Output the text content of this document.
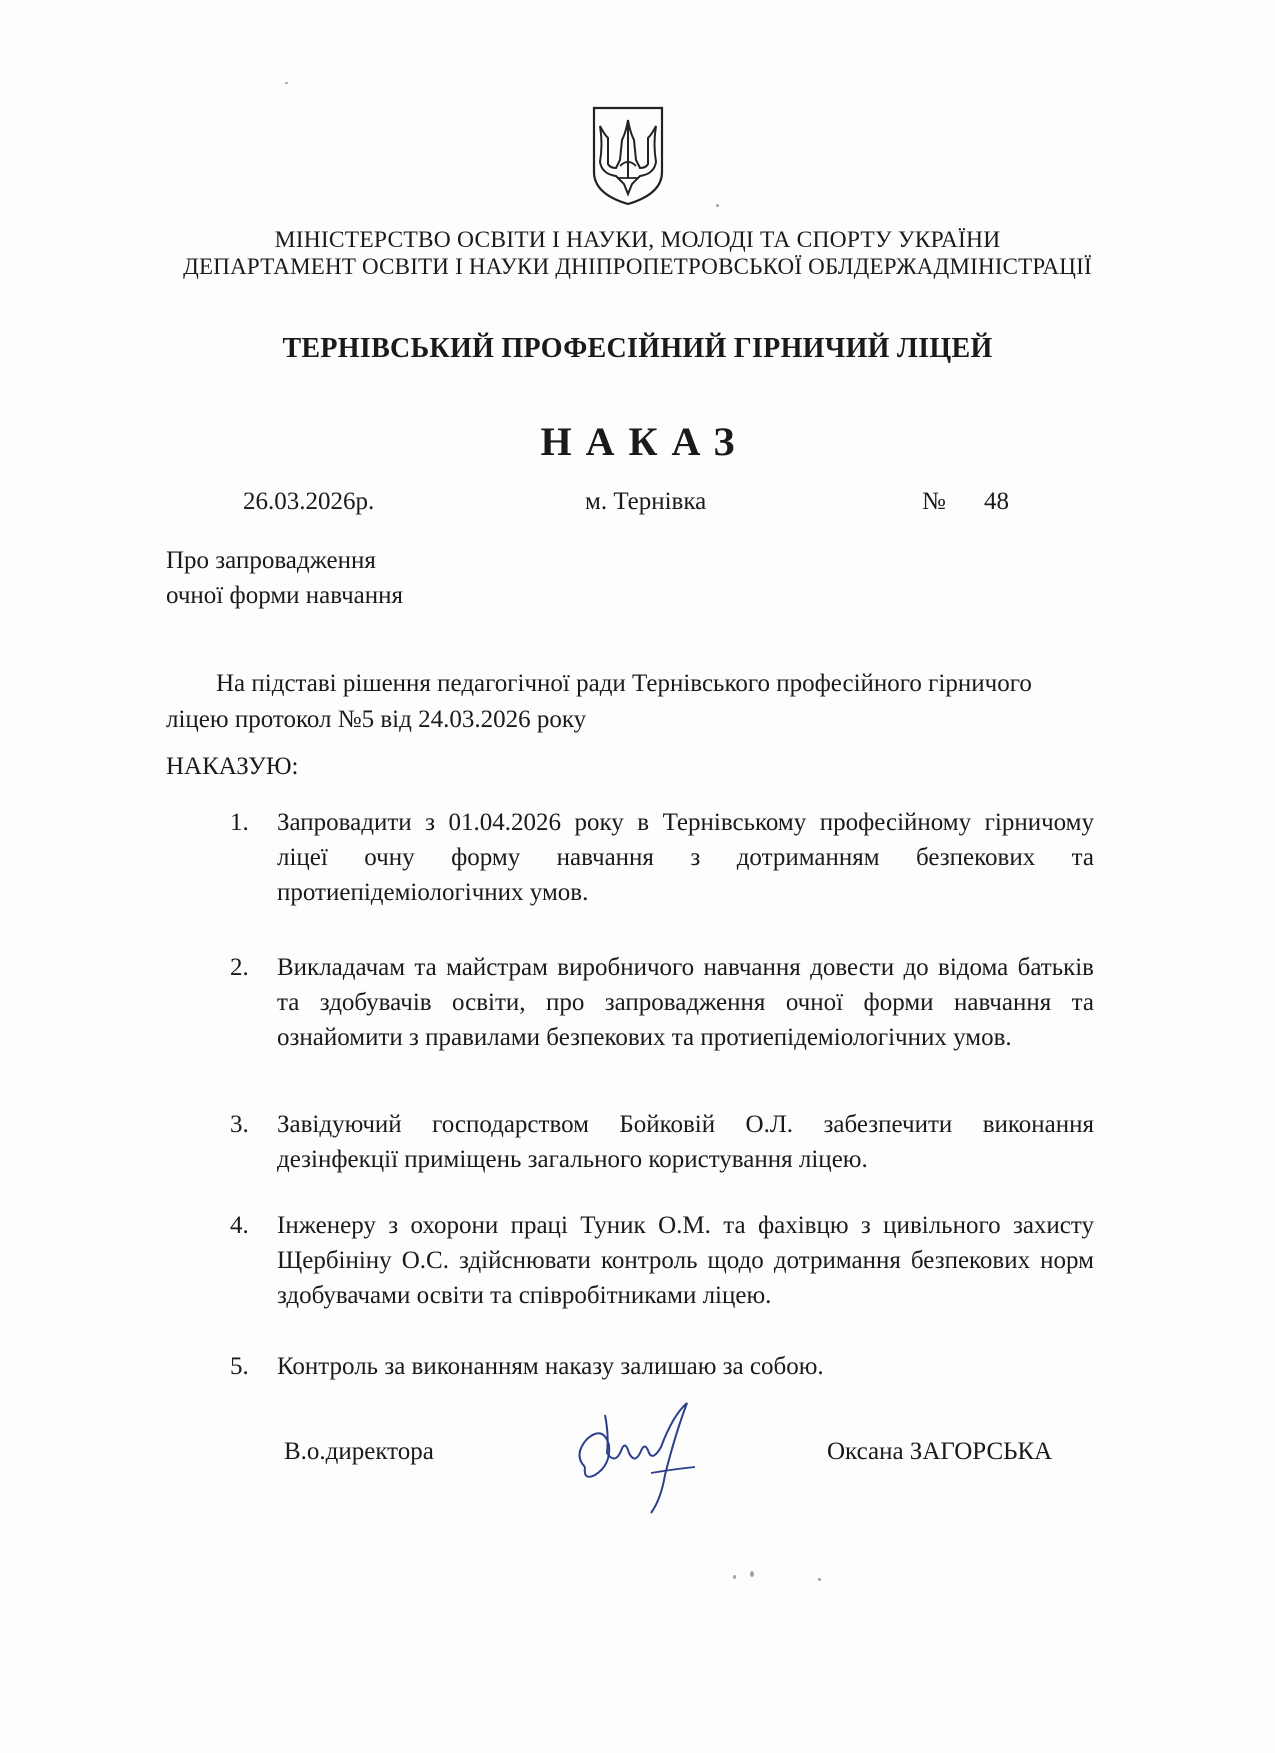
МІНІСТЕРСТВО ОСВІТИ І НАУКИ, МОЛОДІ ТА СПОРТУ УКРАЇНИ
ДЕПАРТАМЕНТ ОСВІТИ І НАУКИ ДНІПРОПЕТРОВСЬКОЇ ОБЛДЕРЖАДМІНІСТРАЦІЇ
ТЕРНІВСЬКИЙ ПРОФЕСІЙНИЙ ГІРНИЧИЙ ЛІЦЕЙ
НАКАЗ
26.03.2026р.	м. Тернівка	№ 48
Про запровадження
очної форми навчання
На підставі рішення педагогічної ради Тернівського професійного гірничого ліцею протокол №5 від 24.03.2026 року
НАКАЗУЮ:
1.	Запровадити з 01.04.2026 року в Тернівському професійному гірничому ліцеї очну форму навчання з дотриманням безпекових та протиепідеміологічних умов.
2.	Викладачам та майстрам виробничого навчання довести до відома батьків та здобувачів освіти, про запровадження очної форми навчання та ознайомити з правилами безпекових та протиепідеміологічних умов.
3.	Завідуючий господарством Бойковій О.Л. забезпечити виконання дезінфекції приміщень загального користування ліцею.
4.	Інженеру з охорони праці Туник О.М. та фахівцю з цивільного захисту Щербініну О.С. здійснювати контроль щодо дотримання безпекових норм здобувачами освіти та співробітниками ліцею.
5.	Контроль за виконанням наказу залишаю за собою.
В.о.директора	Оксана ЗАГОРСЬКА
